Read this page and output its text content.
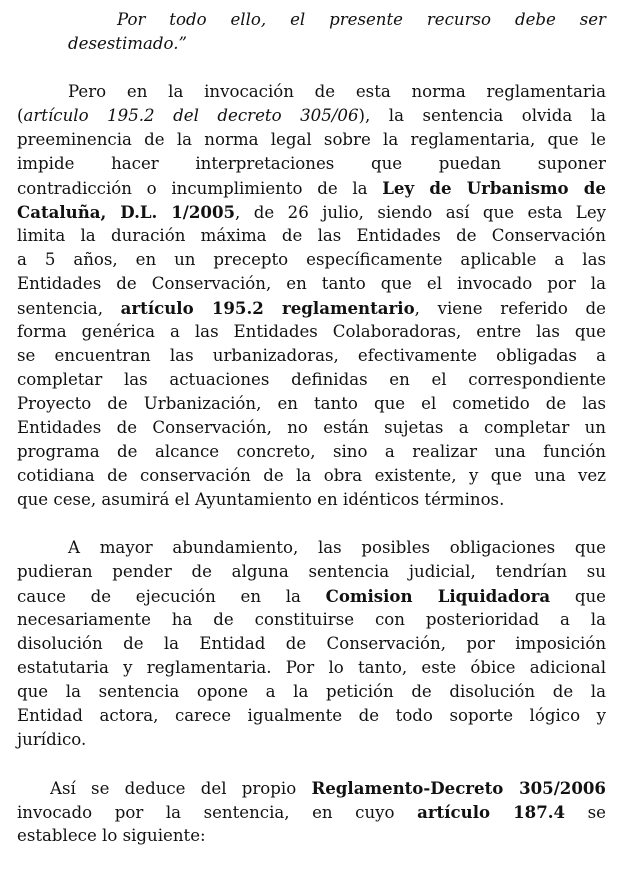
Por todo ello, el presente recurso debe ser
desestimado.”
Pero en la invocación de esta norma reglamentaria
(artículo 195.2 del decreto 305/06), la sentencia olvida la
preeminencia de la norma legal sobre la reglamentaria, que le
impide hacer interpretaciones que puedan suponer
contradicción o incumplimiento de la Ley de Urbanismo de
Cataluña, D.L. 1/2005, de 26 julio, siendo así que esta Ley
limita la duración máxima de las Entidades de Conservación
a 5 años, en un precepto específicamente aplicable a las
Entidades de Conservación, en tanto que el invocado por la
sentencia, artículo 195.2 reglamentario, viene referido de
forma genérica a las Entidades Colaboradoras, entre las que
se encuentran las urbanizadoras, efectivamente obligadas a
completar las actuaciones definidas en el correspondiente
Proyecto de Urbanización, en tanto que el cometido de las
Entidades de Conservación, no están sujetas a completar un
programa de alcance concreto, sino a realizar una función
cotidiana de conservación de la obra existente, y que una vez
que cese, asumirá el Ayuntamiento en idénticos términos.
A mayor abundamiento, las posibles obligaciones que
pudieran pender de alguna sentencia judicial, tendrían su
cauce de ejecución en la Comision Liquidadora que
necesariamente ha de constituirse con posterioridad a la
disolución de la Entidad de Conservación, por imposición
estatutaria y reglamentaria. Por lo tanto, este óbice adicional
que la sentencia opone a la petición de disolución de la
Entidad actora, carece igualmente de todo soporte lógico y
jurídico.
Así se deduce del propio Reglamento-Decreto 305/2006
invocado por la sentencia, en cuyo artículo 187.4 se
establece lo siguiente:
